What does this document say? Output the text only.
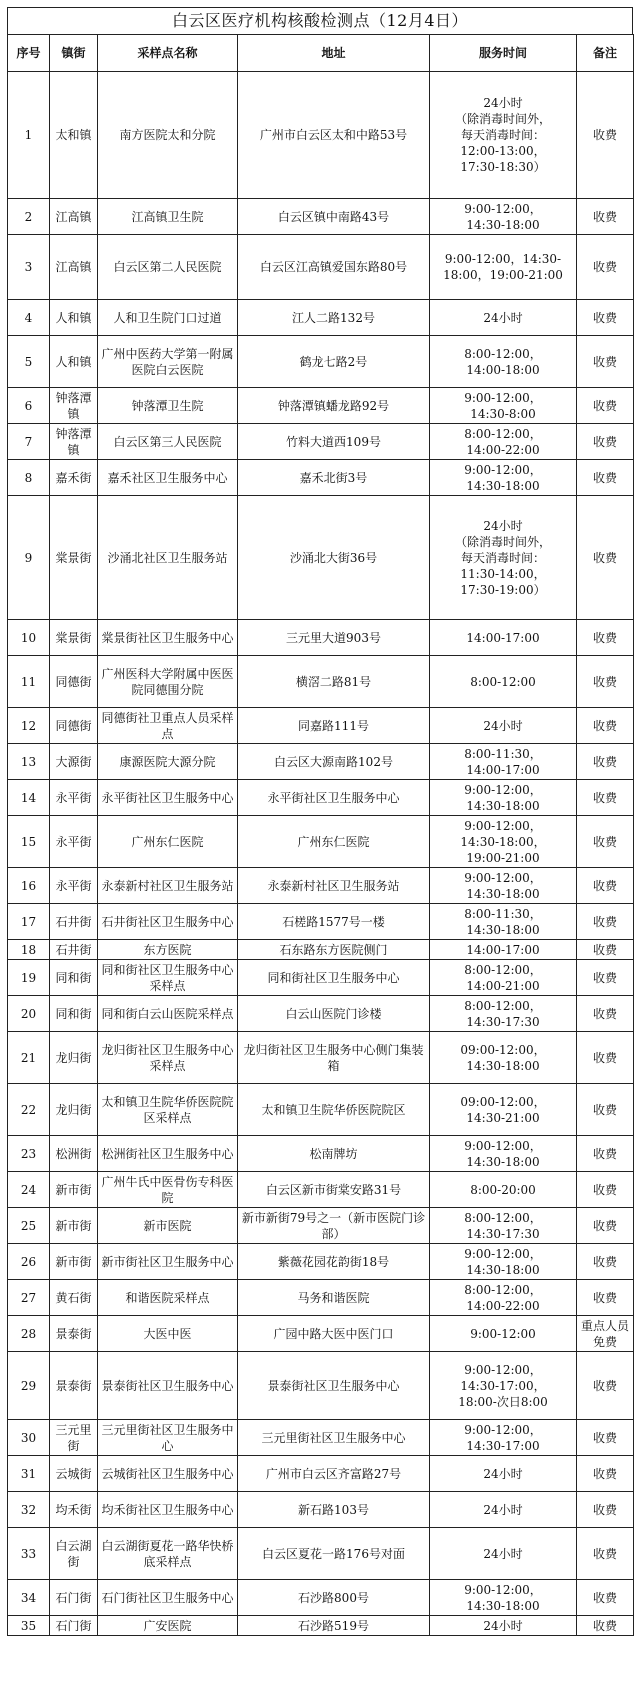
白云区医疗机构核酸检测点（12月4日）
序号	镇街	采样点名称	地址	服务时间	备注
1	太和镇	南方医院太和分院	广州市白云区太和中路53号	24小时
（除消毒时间外，
每天消毒时间：
12:00-13:00，
17:30-18:30）	收费
2	江高镇	江高镇卫生院	白云区镇中南路43号	9:00-12:00，
14:30-18:00	收费
3	江高镇	白云区第二人民医院	白云区江高镇爱国东路80号	9:00-12:00，14:30-
18:00，19:00-21:00	收费
4	人和镇	人和卫生院门口过道	江人二路132号	24小时	收费
5	人和镇	广州中医药大学第一附属医院白云医院	鹤龙七路2号	8:00-12:00，
14:00-18:00	收费
6	钟落潭镇	钟落潭卫生院	钟落潭镇蟠龙路92号	9:00-12:00，
14:30-8:00	收费
7	钟落潭镇	白云区第三人民医院	竹料大道西109号	8:00-12:00，
14:00-22:00	收费
8	嘉禾街	嘉禾社区卫生服务中心	嘉禾北街3号	9:00-12:00，
14:30-18:00	收费
9	棠景街	沙涌北社区卫生服务站	沙涌北大街36号	24小时
（除消毒时间外，
每天消毒时间：
11:30-14:00，
17:30-19:00）	收费
10	棠景街	棠景街社区卫生服务中心	三元里大道903号	14:00-17:00	收费
11	同德街	广州医科大学附属中医医院同德围分院	横滘二路81号	8:00-12:00	收费
12	同德街	同德街社卫重点人员采样点	同嘉路111号	24小时	收费
13	大源街	康源医院大源分院	白云区大源南路102号	8:00-11:30，
14:00-17:00	收费
14	永平街	永平街社区卫生服务中心	永平街社区卫生服务中心	9:00-12:00，
14:30-18:00	收费
15	永平街	广州东仁医院	广州东仁医院	9:00-12:00，
14:30-18:00，
19:00-21:00	收费
16	永平街	永泰新村社区卫生服务站	永泰新村社区卫生服务站	9:00-12:00，
14:30-18:00	收费
17	石井街	石井街社区卫生服务中心	石槎路1577号一楼	8:00-11:30，
14:30-18:00	收费
18	石井街	东方医院	石东路东方医院侧门	14:00-17:00	收费
19	同和街	同和街社区卫生服务中心采样点	同和街社区卫生服务中心	8:00-12:00，
14:00-21:00	收费
20	同和街	同和街白云山医院采样点	白云山医院门诊楼	8:00-12:00，
14:30-17:30	收费
21	龙归街	龙归街社区卫生服务中心采样点	龙归街社区卫生服务中心侧门集装箱	09:00-12:00，
14:30-18:00	收费
22	龙归街	太和镇卫生院华侨医院院区采样点	太和镇卫生院华侨医院院区	09:00-12:00，
14:30-21:00	收费
23	松洲街	松洲街社区卫生服务中心	松南牌坊	9:00-12:00，
14:30-18:00	收费
24	新市街	广州牛氏中医骨伤专科医院	白云区新市街棠安路31号	8:00-20:00	收费
25	新市街	新市医院	新市新街79号之一（新市医院门诊部）	8:00-12:00，
14:30-17:30	收费
26	新市街	新市街社区卫生服务中心	紫薇花园花韵街18号	9:00-12:00，
14:30-18:00	收费
27	黄石街	和谐医院采样点	马务和谐医院	8:00-12:00，
14:00-22:00	收费
28	景泰街	大医中医	广园中路大医中医门口	9:00-12:00	重点人员免费
29	景泰街	景泰街社区卫生服务中心	景泰街社区卫生服务中心	9:00-12:00，
14:30-17:00，
18:00-次日8:00	收费
30	三元里街	三元里街社区卫生服务中心	三元里街社区卫生服务中心	9:00-12:00，
14:30-17:00	收费
31	云城街	云城街社区卫生服务中心	广州市白云区齐富路27号	24小时	收费
32	均禾街	均禾街社区卫生服务中心	新石路103号	24小时	收费
33	白云湖街	白云湖街夏花一路华快桥底采样点	白云区夏花一路176号对面	24小时	收费
34	石门街	石门街社区卫生服务中心	石沙路800号	9:00-12:00，
14:30-18:00	收费
35	石门街	广安医院	石沙路519号	24小时	收费
